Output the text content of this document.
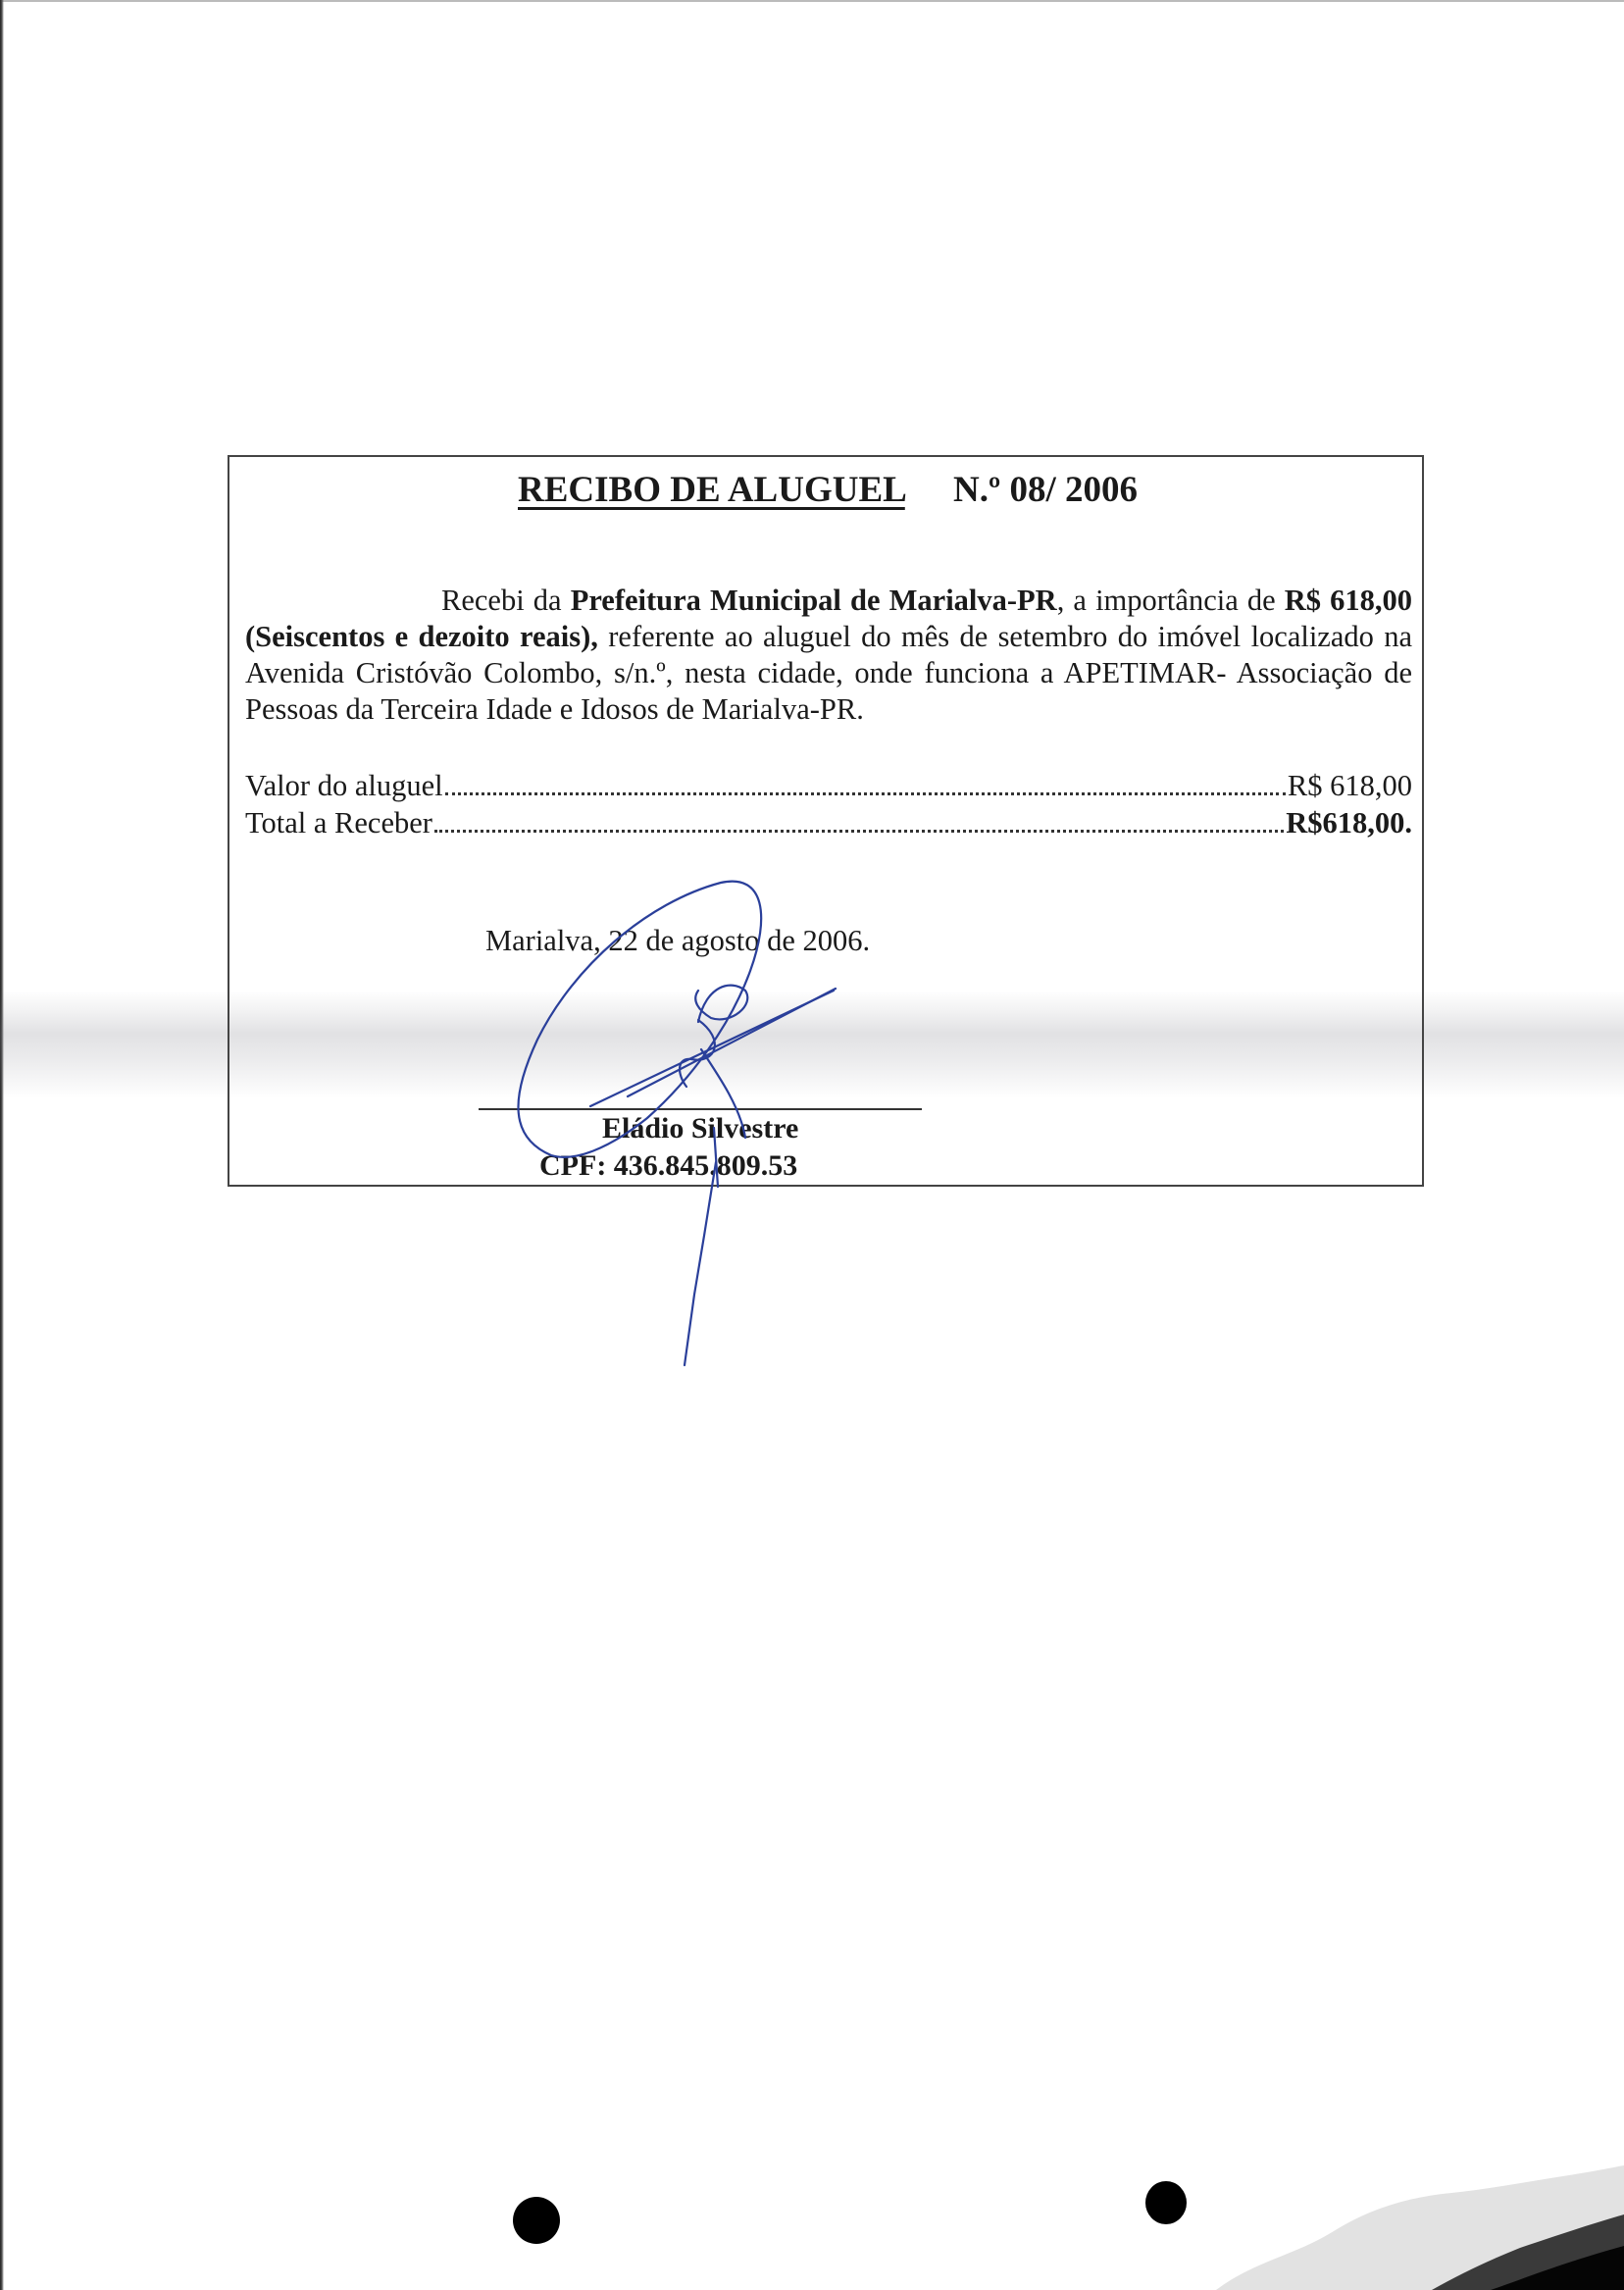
RECIBO DE ALUGUEL N.º 08/ 2006
Recebi da Prefeitura Municipal de Marialva-PR, a importância de R$ 618,00 (Seiscentos e dezoito reais), referente ao aluguel do mês de setembro do imóvel localizado na Avenida Cristóvão Colombo, s/n.º, nesta cidade, onde funciona a APETIMAR- Associação de Pessoas da Terceira Idade e Idosos de Marialva-PR.
Valor do aluguel	R$ 618,00
Total a Receber	R$618,00.
Marialva, 22 de agosto de 2006.
Eládio Silvestre
CPF: 436.845.809.53
